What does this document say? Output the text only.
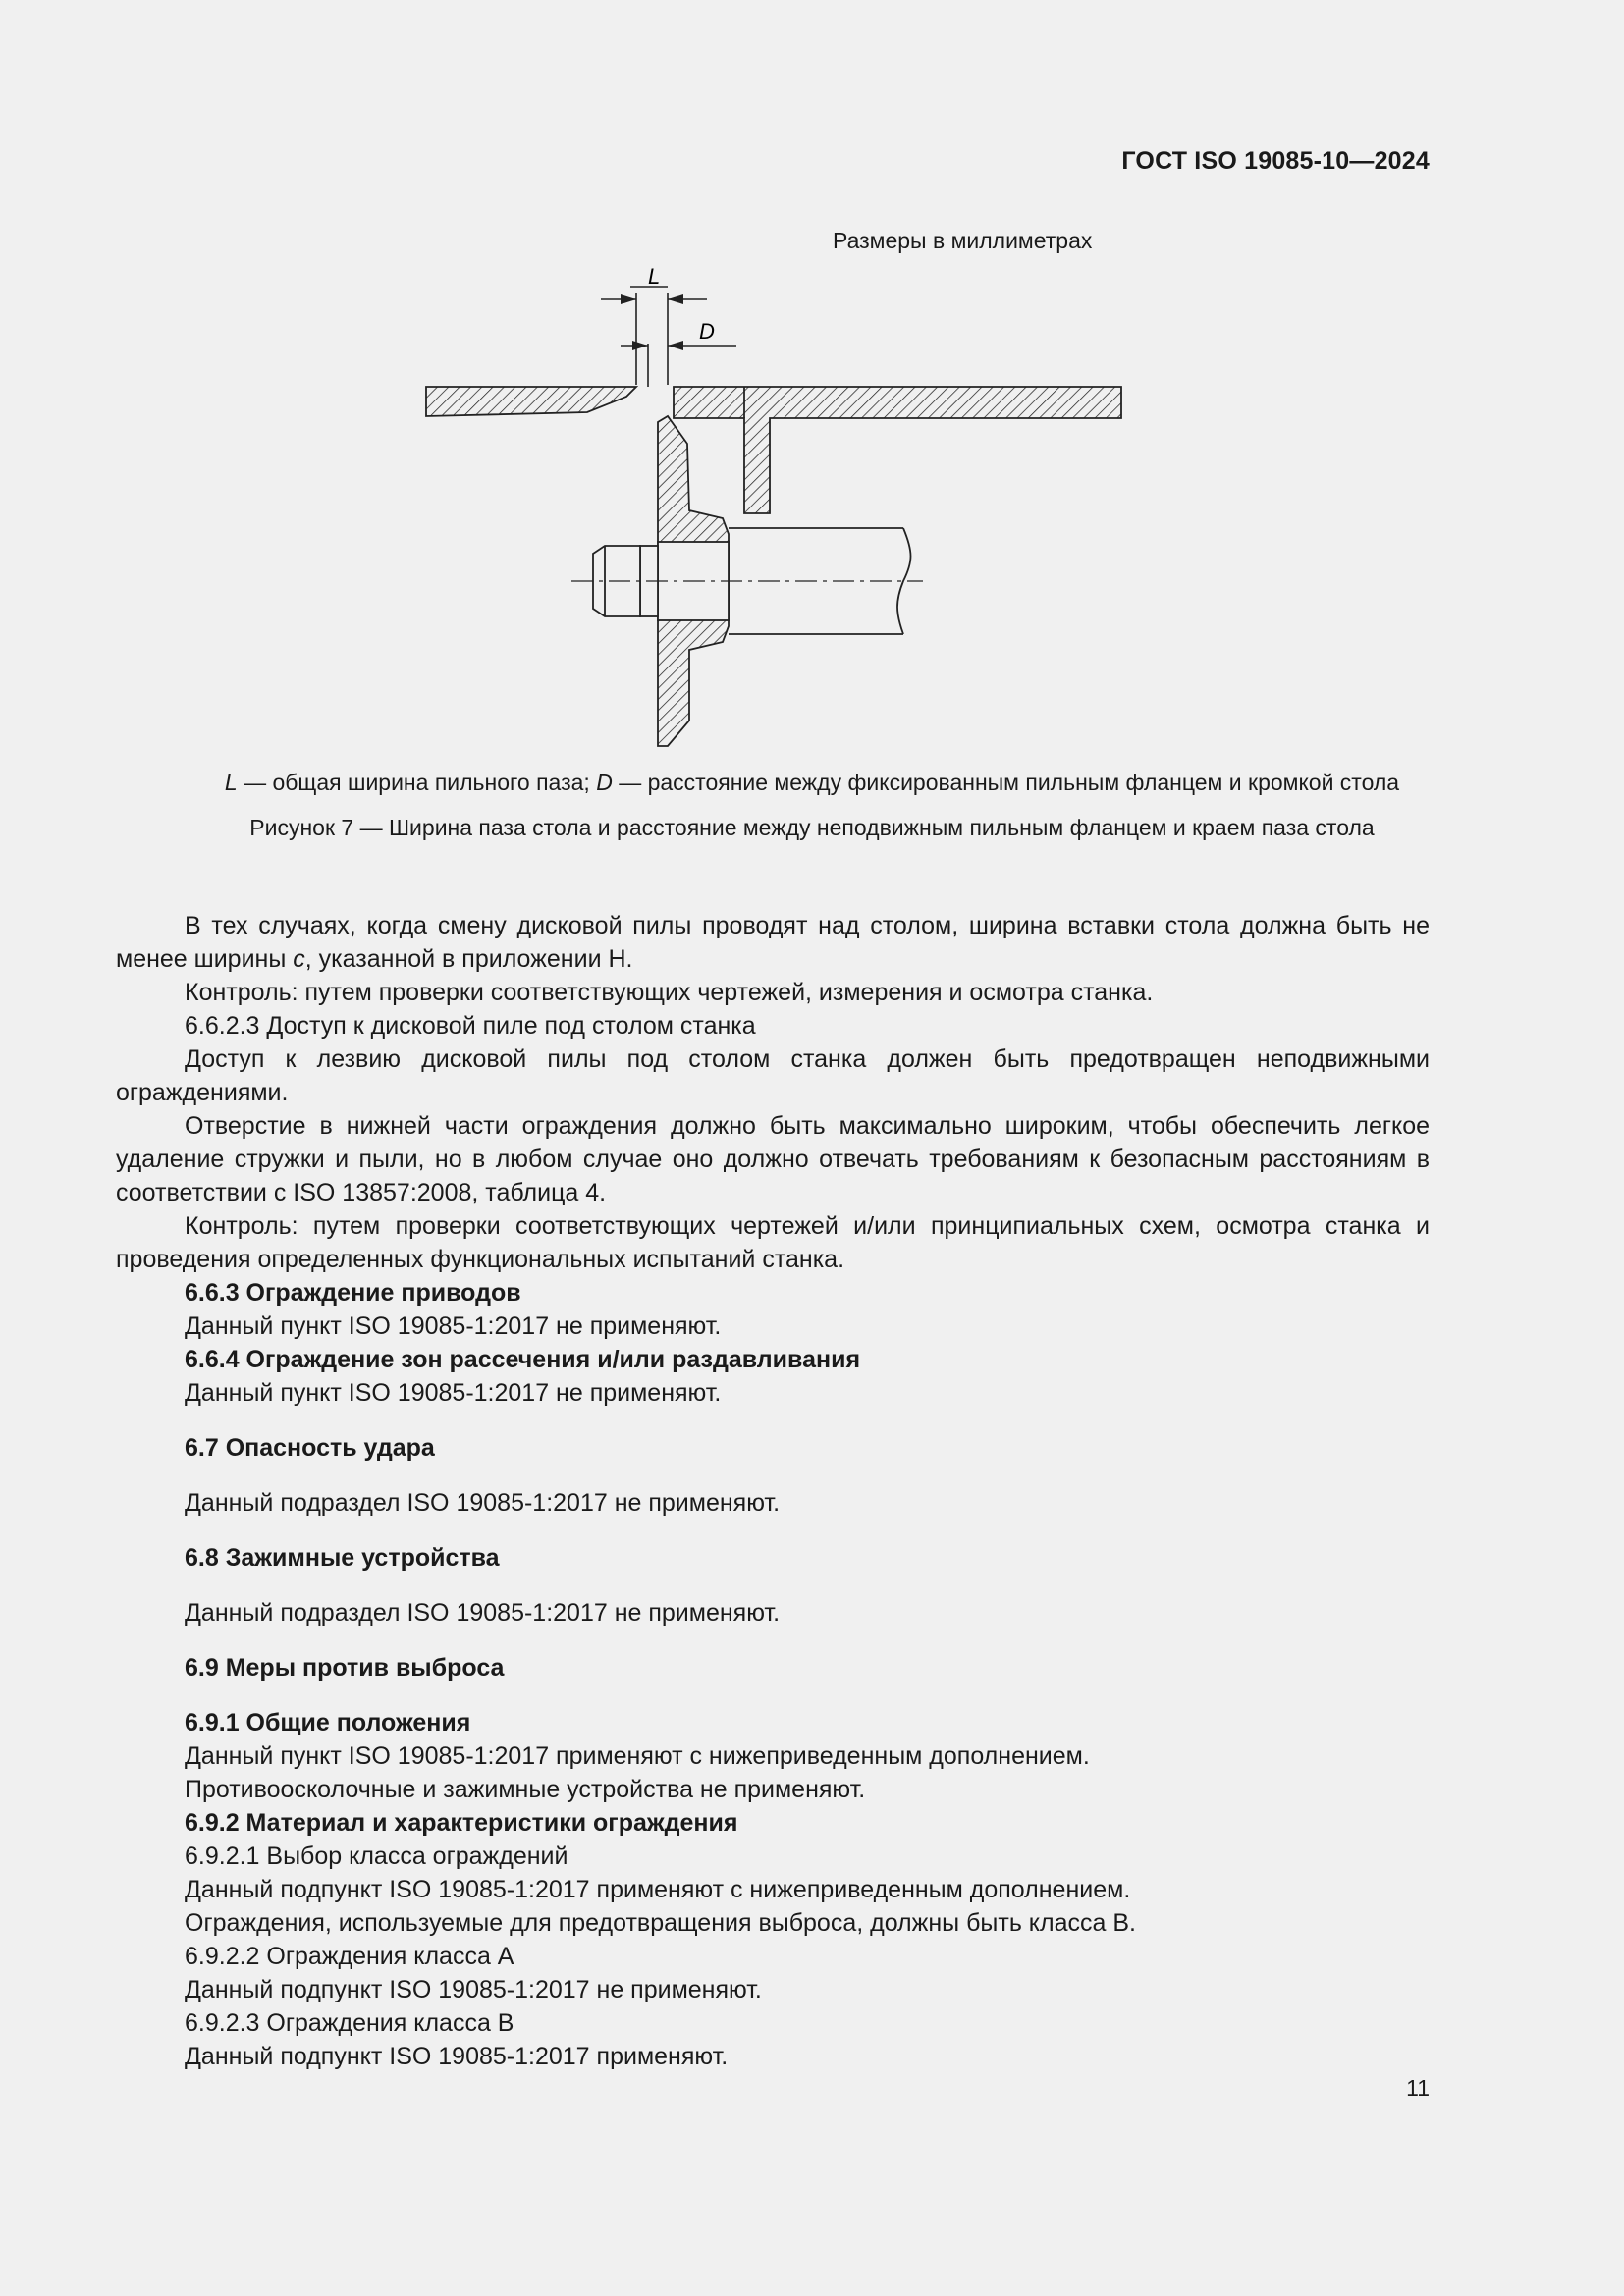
ГОСТ ISO 19085-10—2024
Размеры в миллиметрах
L
D
L — общая ширина пильного паза; D — расстояние между фиксированным пильным фланцем и кромкой стола
Рисунок 7 — Ширина паза стола и расстояние между неподвижным пильным фланцем и краем паза стола

В тех случаях, когда смену дисковой пилы проводят над столом, ширина вставки стола должна быть не менее ширины c, указанной в приложении H.

Контроль: путем проверки соответствующих чертежей, измерения и осмотра станка.

6.6.2.3 Доступ к дисковой пиле под столом станка

Доступ к лезвию дисковой пилы под столом станка должен быть предотвращен неподвижными ограждениями.

Отверстие в нижней части ограждения должно быть максимально широким, чтобы обеспечить легкое удаление стружки и пыли, но в любом случае оно должно отвечать требованиям к безопасным расстояниям в соответствии с ISO 13857:2008, таблица 4.

Контроль: путем проверки соответствующих чертежей и/или принципиальных схем, осмотра станка и проведения определенных функциональных испытаний станка.

6.6.3 Ограждение приводов

Данный пункт ISO 19085-1:2017 не применяют.

6.6.4 Ограждение зон рассечения и/или раздавливания

Данный пункт ISO 19085-1:2017 не применяют.

6.7 Опасность удара

Данный подраздел ISO 19085-1:2017 не применяют.

6.8 Зажимные устройства

Данный подраздел ISO 19085-1:2017 не применяют.

6.9 Меры против выброса

6.9.1 Общие положения

Данный пункт ISO 19085-1:2017 применяют с нижеприведенным дополнением.

Противоосколочные и зажимные устройства не применяют.

6.9.2 Материал и характеристики ограждения

6.9.2.1 Выбор класса ограждений

Данный подпункт ISO 19085-1:2017 применяют с нижеприведенным дополнением.

Ограждения, используемые для предотвращения выброса, должны быть класса B.

6.9.2.2 Ограждения класса A

Данный подпункт ISO 19085-1:2017 не применяют.

6.9.2.3 Ограждения класса B

Данный подпункт ISO 19085-1:2017 применяют.

11
